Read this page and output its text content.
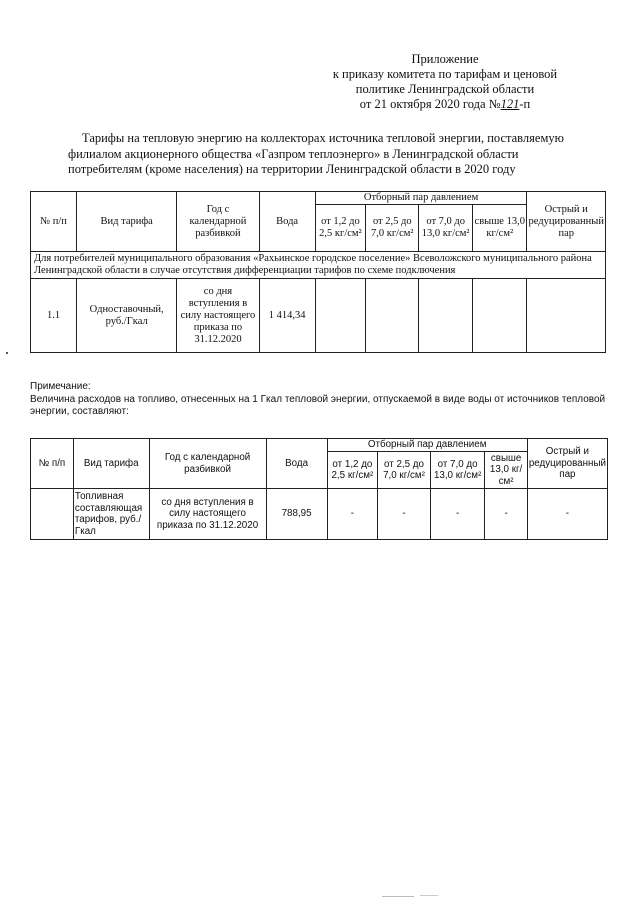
Приложение
к приказу комитета по тарифам и ценовой
политике Ленинградской области
от 21 октября 2020 года №121-п
Тарифы на тепловую энергию на коллекторах источника тепловой энергии, поставляемую
филиалом акционерного общества «Газпром теплоэнерго» в Ленинградской области
потребителям (кроме населения) на территории Ленинградской области в 2020 году
№ п/п	Вид тарифа	Год с календарной разбивкой	Вода	Отборный пар давлением				Острый и редуцированный пар
				от 1,2 до 2,5 кг/см²	от 2,5 до 7,0 кг/см²	от 7,0 до 13,0 кг/см²	свыше 13,0 кг/см²	
Для потребителей муниципального образования «Рахьинское городское поселение» Всеволожского муниципального района Ленинградской области в случае отсутствия дифференциации тарифов по схеме подключения								
1.1	Одноставочный, руб./Гкал	со дня вступления в силу настоящего приказа по 31.12.2020	1 414,34					
Примечание:
Величина расходов на топливо, отнесенных на 1 Гкал тепловой энергии, отпускаемой в виде воды от источников тепловой энергии, составляют:
№ п/п	Вид тарифа	Год с календарной разбивкой	Вода	Отборный пар давлением				Острый и редуцированный пар
				от 1,2 до 2,5 кг/см²	от 2,5 до 7,0 кг/см²	от 7,0 до 13,0 кг/см²	свыше 13,0 кг/см²	
	Топливная составляющая тарифов, руб./Гкал	со дня вступления в силу настоящего приказа по 31.12.2020	788,95	-	-	-	-	-
